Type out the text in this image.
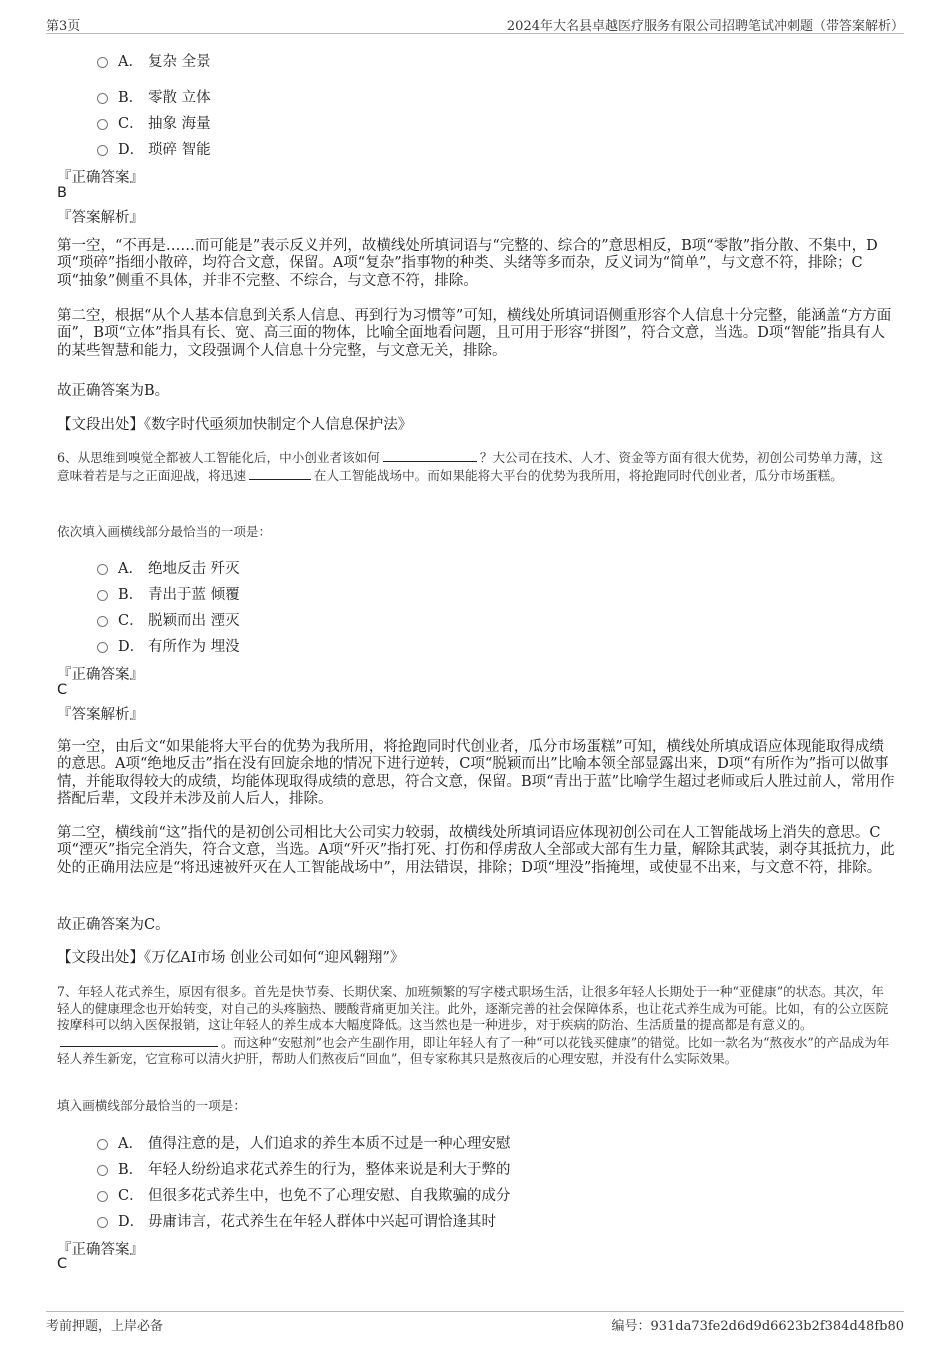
第3页	2024年大名县卓越医疗服务有限公司招聘笔试冲刺题（带答案解析）
A． 复杂 全景
B． 零散 立体
C． 抽象 海量
D． 琐碎 智能
『正确答案』
B
『答案解析』

第一空，“不再是……而可能是”表示反义并列，故横线处所填词语与“完整的、综合的”意思相反，B项“零散”指分散、不集中，D项“琐碎”指细小散碎，均符合文意，保留。A项“复杂”指事物的种类、头绪等多而杂，反义词为“简单”，与文意不符，排除；C项“抽象”侧重不具体，并非不完整、不综合，与文意不符，排除。

第二空，根据“从个人基本信息到关系人信息、再到行为习惯等”可知，横线处所填词语侧重形容个人信息十分完整，能涵盖“方方面面”，B项“立体”指具有长、宽、高三面的物体，比喻全面地看问题，且可用于形容“拼图”，符合文意，当选。D项“智能”指具有人的某些智慧和能力，文段强调个人信息十分完整，与文意无关，排除。

故正确答案为B。
【文段出处】《数字时代亟须加快制定个人信息保护法》

6、从思维到嗅觉全都被人工智能化后，中小创业者该如何	？大公司在技术、人才、资金等方面有很大优势，初创公司势单力薄，这意味着若是与之正面迎战，将迅速	在人工智能战场中。而如果能将大平台的优势为我所用，将抢跑同时代创业者，瓜分市场蛋糕。

依次填入画横线部分最恰当的一项是：
A． 绝地反击 歼灭
B． 青出于蓝 倾覆
C． 脱颖而出 湮灭
D． 有所作为 埋没
『正确答案』
C
『答案解析』

第一空，由后文“如果能将大平台的优势为我所用，将抢跑同时代创业者，瓜分市场蛋糕”可知，横线处所填成语应体现能取得成绩的意思。A项“绝地反击”指在没有回旋余地的情况下进行逆转，C项“脱颖而出”比喻本领全部显露出来，D项“有所作为”指可以做事情，并能取得较大的成绩，均能体现取得成绩的意思，符合文意，保留。B项“青出于蓝”比喻学生超过老师或后人胜过前人，常用作搭配后辈，文段并未涉及前人后人，排除。

第二空，横线前“这”指代的是初创公司相比大公司实力较弱，故横线处所填词语应体现初创公司在人工智能战场上消失的意思。C项“湮灭”指完全消失，符合文意，当选。A项“歼灭”指打死、打伤和俘虏敌人全部或大部有生力量，解除其武装，剥夺其抵抗力，此处的正确用法应是“将迅速被歼灭在人工智能战场中”，用法错误，排除；D项“埋没”指掩埋，或使显不出来，与文意不符，排除。

故正确答案为C。
【文段出处】《万亿AI市场 创业公司如何“迎风翱翔”》

7、年轻人花式养生，原因有很多。首先是快节奏、长期伏案、加班频繁的写字楼式职场生活，让很多年轻人长期处于一种“亚健康”的状态。其次，年轻人的健康理念也开始转变，对自己的头疼脑热、腰酸背痛更加关注。此外，逐渐完善的社会保障体系，也让花式养生成为可能。比如，有的公立医院按摩科可以纳入医保报销，这让年轻人的养生成本大幅度降低。这当然也是一种进步，对于疾病的防治、生活质量的提高都是有意义的。。而这种“安慰剂”也会产生副作用，即让年轻人有了一种“可以花钱买健康”的错觉。比如一款名为“熬夜水”的产品成为年轻人养生新宠，它宣称可以清火护肝，帮助人们熬夜后“回血”，但专家称其只是熬夜后的心理安慰，并没有什么实际效果。

填入画横线部分最恰当的一项是：
A． 值得注意的是，人们追求的养生本质不过是一种心理安慰
B． 年轻人纷纷追求花式养生的行为，整体来说是利大于弊的
C． 但很多花式养生中，也免不了心理安慰、自我欺骗的成分
D． 毋庸讳言，花式养生在年轻人群体中兴起可谓恰逢其时
『正确答案』
C
考前押题，上岸必备	编号：931da73fe2d6d9d6623b2f384d48fb80
